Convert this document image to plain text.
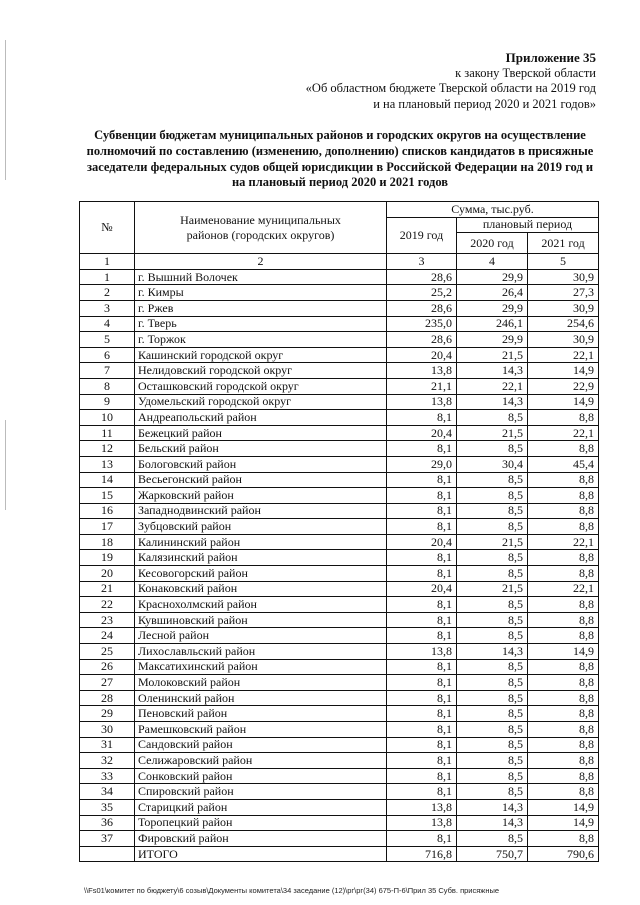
Приложение 35
к закону Тверской области
«Об областном бюджете Тверской области на 2019 год
и на плановый период 2020 и 2021 годов»
Субвенции бюджетам муниципальных районов и городских округов на осуществление полномочий по составлению (изменению, дополнению) списков кандидатов в присяжные заседатели федеральных судов общей юрисдикции в Российской Федерации на 2019 год и на плановый период 2020 и 2021 годов
№	Наименование муниципальных районов (городских округов)	Сумма, тыс.руб.		
		2019 год	плановый период	
			2020 год	2021 год
1	2	3	4	5
1	г. Вышний Волочек	28,6	29,9	30,9
2	г. Кимры	25,2	26,4	27,3
3	г. Ржев	28,6	29,9	30,9
4	г. Тверь	235,0	246,1	254,6
5	г. Торжок	28,6	29,9	30,9
6	Кашинский городской округ	20,4	21,5	22,1
7	Нелидовский городской округ	13,8	14,3	14,9
8	Осташковский городской округ	21,1	22,1	22,9
9	Удомельский городской округ	13,8	14,3	14,9
10	Андреапольский район	8,1	8,5	8,8
11	Бежецкий район	20,4	21,5	22,1
12	Бельский район	8,1	8,5	8,8
13	Бологовский район	29,0	30,4	45,4
14	Весьегонский район	8,1	8,5	8,8
15	Жарковский район	8,1	8,5	8,8
16	Западнодвинский район	8,1	8,5	8,8
17	Зубцовский район	8,1	8,5	8,8
18	Калининский район	20,4	21,5	22,1
19	Калязинский район	8,1	8,5	8,8
20	Кесовогорский район	8,1	8,5	8,8
21	Конаковский район	20,4	21,5	22,1
22	Краснохолмский район	8,1	8,5	8,8
23	Кувшиновский район	8,1	8,5	8,8
24	Лесной район	8,1	8,5	8,8
25	Лихославльский район	13,8	14,3	14,9
26	Максатихинский район	8,1	8,5	8,8
27	Молоковский район	8,1	8,5	8,8
28	Оленинский район	8,1	8,5	8,8
29	Пеновский район	8,1	8,5	8,8
30	Рамешковский район	8,1	8,5	8,8
31	Сандовский район	8,1	8,5	8,8
32	Селижаровский район	8,1	8,5	8,8
33	Сонковский район	8,1	8,5	8,8
34	Спировский район	8,1	8,5	8,8
35	Старицкий район	13,8	14,3	14,9
36	Торопецкий район	13,8	14,3	14,9
37	Фировский район	8,1	8,5	8,8
	ИТОГО	716,8	750,7	790,6
\\Fs01\комитет по бюджету\6 созыв\Документы комитета\34 заседание (12)\рг\рг(34) 675-П-6\Прил 35 Субв. присяжные
